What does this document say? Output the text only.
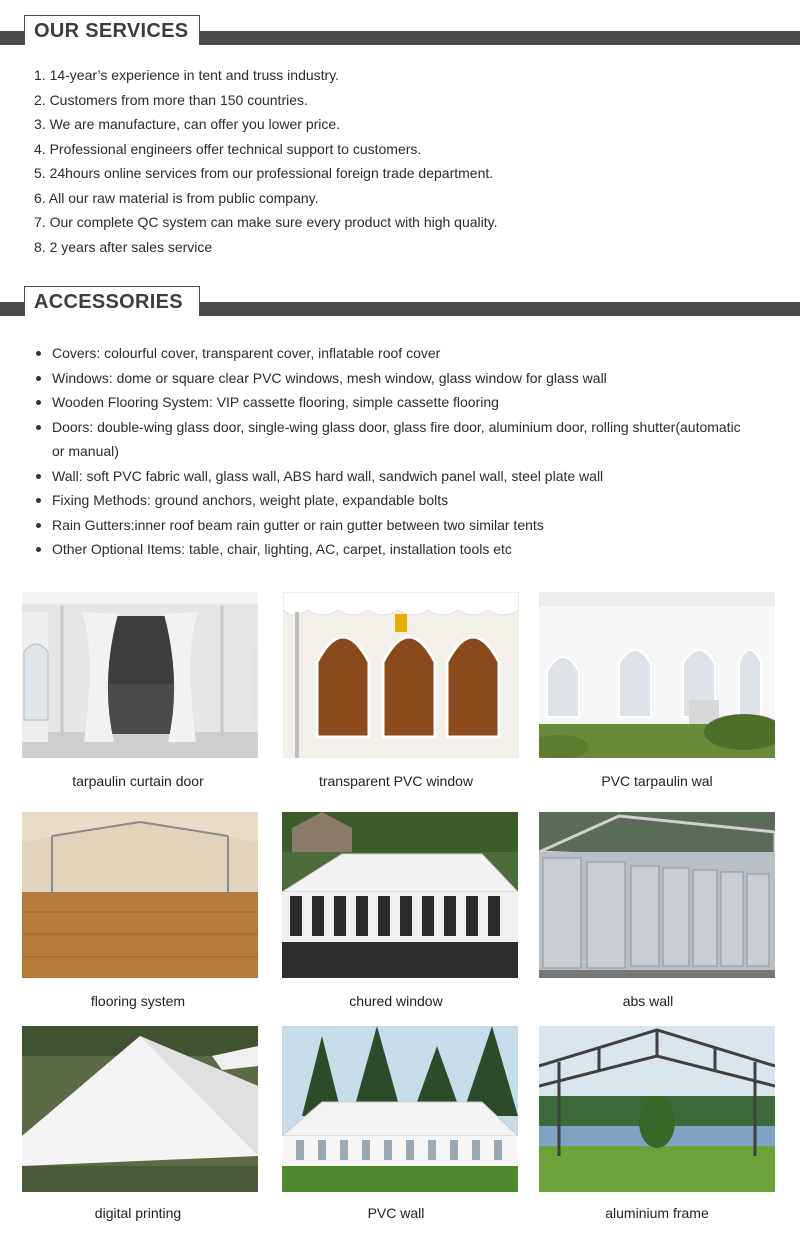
OUR SERVICES
1. 14-year’s experience in tent and truss industry.
2. Customers from more than 150 countries.
3. We are manufacture, can offer you lower price.
4. Professional engineers offer technical support to customers.
5. 24hours online services from our professional foreign trade department.
6. All our raw material is from public company.
7. Our complete QC system can make sure every product with high quality.
8. 2 years after sales service
ACCESSORIES
Covers: colourful cover, transparent cover, inflatable roof cover
Windows: dome or square clear PVC windows, mesh window, glass window for glass wall
Wooden Flooring System: VIP cassette flooring, simple cassette flooring
Doors: double-wing glass door, single-wing glass door, glass fire door, aluminium door, rolling shutter(automatic or manual)
Wall: soft PVC fabric wall, glass wall, ABS hard wall, sandwich panel wall, steel plate wall
Fixing Methods: ground anchors, weight plate, expandable bolts
Rain Gutters:inner roof beam rain gutter or rain gutter between two similar tents
Other Optional Items: table, chair, lighting, AC, carpet, installation tools etc
tarpaulin curtain door	transparent PVC window	PVC tarpaulin wal
flooring system	chured window	abs wall
digital printing	PVC wall	aluminium frame
